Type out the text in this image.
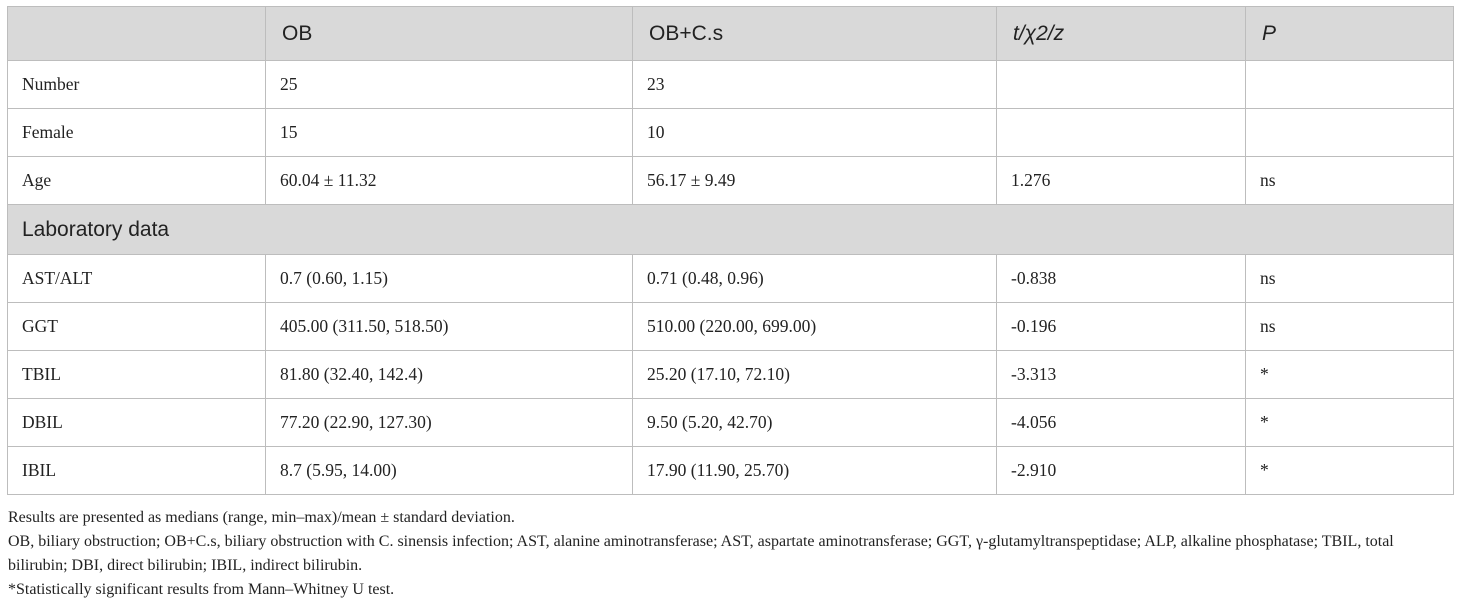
	OB	OB+C.s	t/χ2/z	P
Number	25	23		
Female	15	10		
Age	60.04 ± 11.32	56.17 ± 9.49	1.276	ns
Laboratory data				
AST/ALT	0.7 (0.60, 1.15)	0.71 (0.48, 0.96)	-0.838	ns
GGT	405.00 (311.50, 518.50)	510.00 (220.00, 699.00)	-0.196	ns
TBIL	81.80 (32.40, 142.4)	25.20 (17.10, 72.10)	-3.313	*
DBIL	77.20 (22.90, 127.30)	9.50 (5.20, 42.70)	-4.056	*
IBIL	8.7 (5.95, 14.00)	17.90 (11.90, 25.70)	-2.910	*

Results are presented as medians (range, min–max)/mean ± standard deviation.

OB, biliary obstruction; OB+C.s, biliary obstruction with C. sinensis infection; AST, alanine aminotransferase; AST, aspartate aminotransferase; GGT, γ-glutamyltranspeptidase; ALP, alkaline phosphatase; TBIL, total bilirubin; DBI, direct bilirubin; IBIL, indirect bilirubin.

*Statistically significant results from Mann–Whitney U test.
